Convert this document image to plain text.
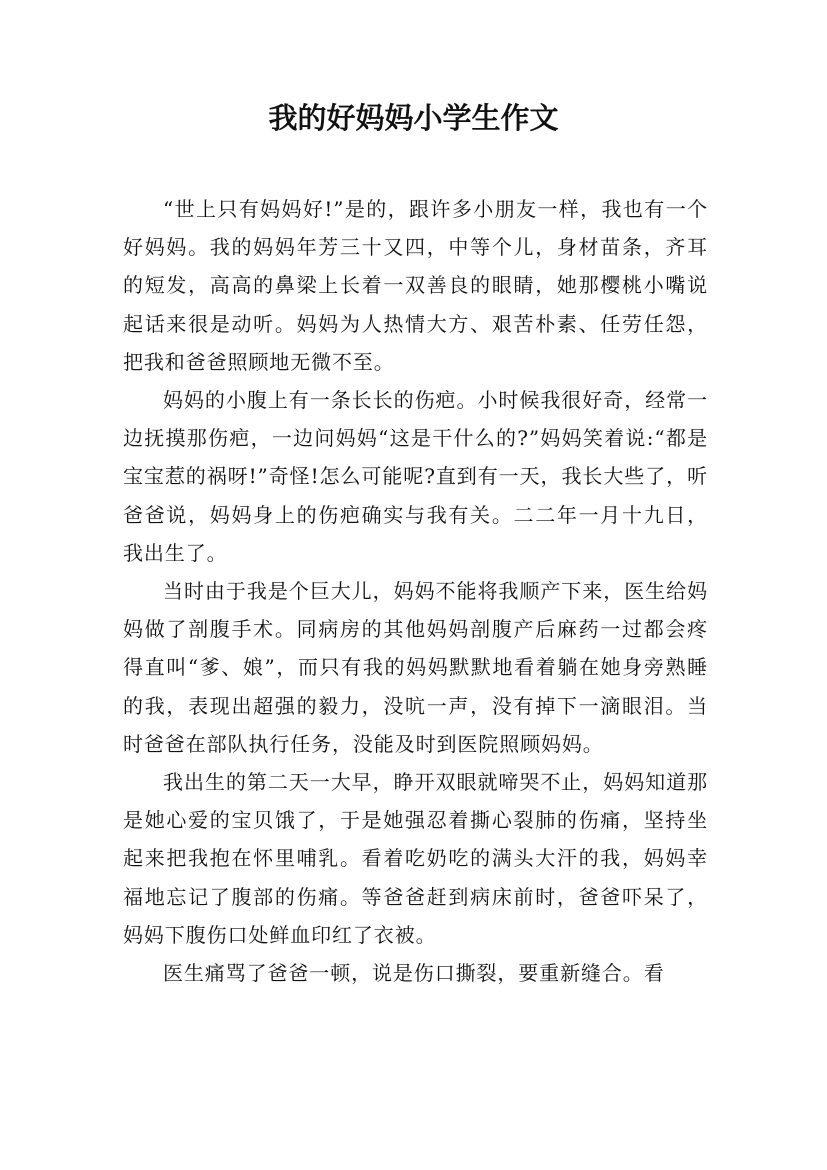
我的好妈妈小学生作文

“世上只有妈妈好!”是的，跟许多小朋友一样，我也有一个好妈妈。我的妈妈年芳三十又四，中等个儿，身材苗条，齐耳的短发，高高的鼻梁上长着一双善良的眼睛，她那樱桃小嘴说起话来很是动听。妈妈为人热情大方、艰苦朴素、任劳任怨，把我和爸爸照顾地无微不至。

妈妈的小腹上有一条长长的伤疤。小时候我很好奇，经常一边抚摸那伤疤，一边问妈妈“这是干什么的?”妈妈笑着说:“都是宝宝惹的祸呀!”奇怪!怎么可能呢?直到有一天，我长大些了，听爸爸说，妈妈身上的伤疤确实与我有关。二二年一月十九日，我出生了。

当时由于我是个巨大儿，妈妈不能将我顺产下来，医生给妈妈做了剖腹手术。同病房的其他妈妈剖腹产后麻药一过都会疼得直叫“爹、娘”，而只有我的妈妈默默地看着躺在她身旁熟睡的我，表现出超强的毅力，没吭一声，没有掉下一滴眼泪。当时爸爸在部队执行任务，没能及时到医院照顾妈妈。

我出生的第二天一大早，睁开双眼就啼哭不止，妈妈知道那是她心爱的宝贝饿了，于是她强忍着撕心裂肺的伤痛，坚持坐起来把我抱在怀里哺乳。看着吃奶吃的满头大汗的我，妈妈幸福地忘记了腹部的伤痛。等爸爸赶到病床前时，爸爸吓呆了，妈妈下腹伤口处鲜血印红了衣被。

医生痛骂了爸爸一顿，说是伤口撕裂，要重新缝合。看
